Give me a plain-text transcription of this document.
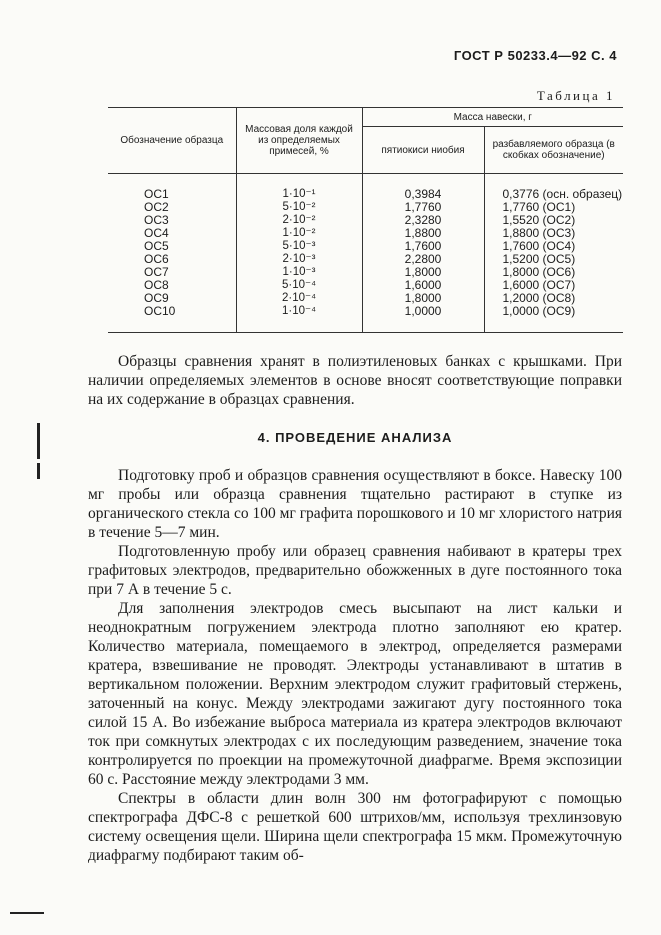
ГОСТ Р 50233.4—92 С. 4
Таблица 1
Обозначение образца	Массовая доля каждой из определяемых примесей, %	Масса навески, г	
		пятиокиси ниобия	разбавляемого образца (в скобках обозначение)
ОС1	1·10⁻¹	0,3984	0,3776 (осн. образец)
ОС2	5·10⁻²	1,7760	1,7760 (ОС1)
ОС3	2·10⁻²	2,3280	1,5520 (ОС2)
ОС4	1·10⁻²	1,8800	1,8800 (ОС3)
ОС5	5·10⁻³	1,7600	1,7600 (ОС4)
ОС6	2·10⁻³	2,2800	1,5200 (ОС5)
ОС7	1·10⁻³	1,8000	1,8000 (ОС6)
ОС8	5·10⁻⁴	1,6000	1,6000 (ОС7)
ОС9	2·10⁻⁴	1,8000	1,2000 (ОС8)
ОС10	1·10⁻⁴	1,0000	1,0000 (ОС9)

Образцы сравнения хранят в полиэтиленовых банках с крышками. При наличии определяемых элементов в основе вносят соответствующие поправки на их содержание в образцах сравнения.

4. ПРОВЕДЕНИЕ АНАЛИЗА

Подготовку проб и образцов сравнения осуществляют в боксе. Навеску 100 мг пробы или образца сравнения тщательно растирают в ступке из органического стекла со 100 мг графита порошкового и 10 мг хлористого натрия в течение 5—7 мин.

Подготовленную пробу или образец сравнения набивают в кратеры трех графитовых электродов, предварительно обожженных в дуге постоянного тока при 7 А в течение 5 с.

Для заполнения электродов смесь высыпают на лист кальки и неоднократным погружением электрода плотно заполняют ею кратер. Количество материала, помещаемого в электрод, определяется размерами кратера, взвешивание не проводят. Электроды устанавливают в штатив в вертикальном положении. Верхним электродом служит графитовый стержень, заточенный на конус. Между электродами зажигают дугу постоянного тока силой 15 А. Во избежание выброса материала из кратера электродов включают ток при сомкнутых электродах с их последующим разведением, значение тока контролируется по проекции на промежуточной диафрагме. Время экспозиции 60 с. Расстояние между электродами 3 мм.

Спектры в области длин волн 300 нм фотографируют с помощью спектрографа ДФС-8 с решеткой 600 штрихов/мм, используя трехлинзовую систему освещения щели. Ширина щели спектрографа 15 мкм. Промежуточную диафрагму подбирают таким об-
